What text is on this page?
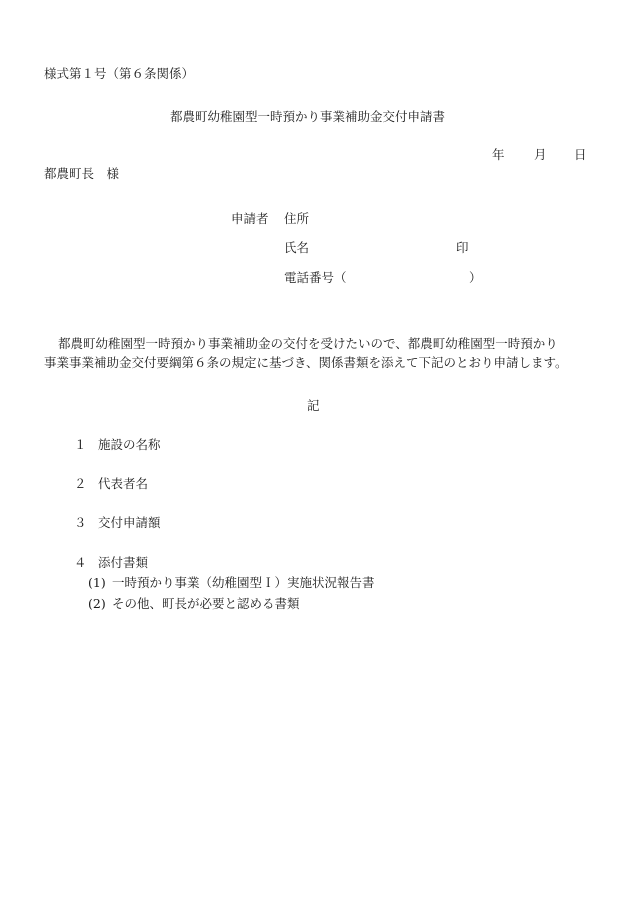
様式第１号（第６条関係）
都農町幼稚園型一時預かり事業補助金交付申請書
年 月 日
都農町長　様
申請者 住所
氏名	印
電話番号（	）
都農町幼稚園型一時預かり事業補助金の交付を受けたいので、都農町幼稚園型一時預かり
事業事業補助金交付要綱第６条の規定に基づき、関係書類を添えて下記のとおり申請します。
記
１ 施設の名称
２ 代表者名
３ 交付申請額
４ 添付書類
(1) 一時預かり事業（幼稚園型Ｉ）実施状況報告書
(2) その他、町長が必要と認める書類
